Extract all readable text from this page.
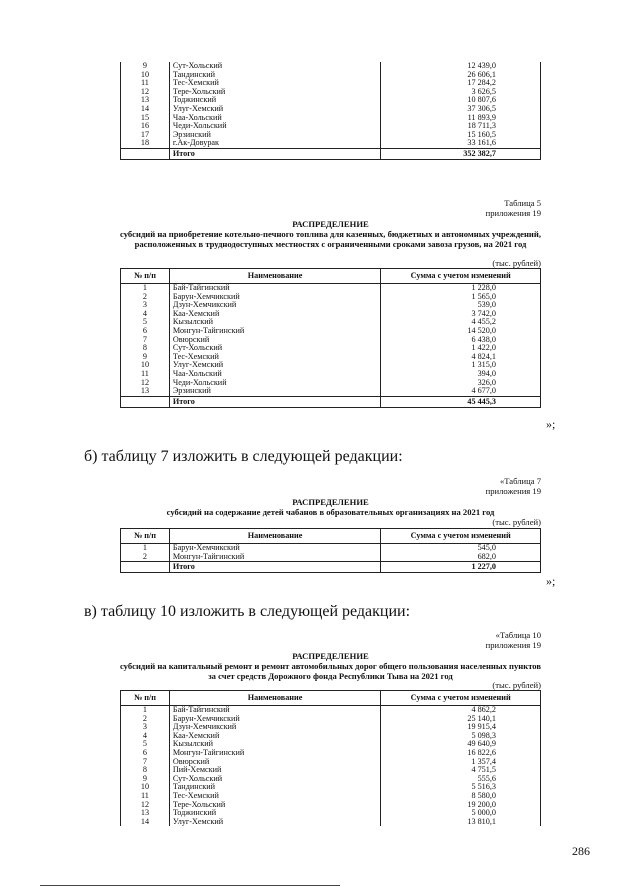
9	Сут-Хольский	12 439,0
10	Тандинский	26 606,1
11	Тес-Хемский	17 284,2
12	Тере-Хольский	3 626,5
13	Тоджинский	10 807,6
14	Улуг-Хемский	37 306,5
15	Чаа-Хольский	11 893,9
16	Чеди-Хольский	18 711,3
17	Эрзинский	15 160,5
18	г.Ак-Довурак	33 161,6
	Итого	352 382,7
Таблица 5
приложения 19
РАСПРЕДЕЛЕНИЕ
субсидий на приобретение котельно-печного топлива для казенных, бюджетных и автономных учреждений, расположенных в труднодоступных местностях с ограниченными сроками завоза грузов, на 2021 год
(тыс. рублей)
№ п/п	Наименование	Сумма с учетом изменений
1	Бай-Тайгинский	1 228,0
2	Барун-Хемчикский	1 565,0
3	Дзун-Хемчикский	539,0
4	Каа-Хемский	3 742,0
5	Кызылский	4 455,2
6	Монгун-Тайгинский	14 520,0
7	Овюрский	6 438,0
8	Сут-Хольский	1 422,0
9	Тес-Хемский	4 824,1
10	Улуг-Хемский	1 315,0
11	Чаа-Хольский	394,0
12	Чеди-Хольский	326,0
13	Эрзинский	4 677,0
	Итого	45 445,3
»;
б) таблицу 7 изложить в следующей редакции:
«Таблица 7
приложения 19
РАСПРЕДЕЛЕНИЕ
субсидий на содержание детей чабанов в образовательных организациях на 2021 год
(тыс. рублей)
№ п/п	Наименование	Сумма с учетом изменений
1	Барун-Хемчикский	545,0
2	Монгун-Тайгинский	682,0
	Итого	1 227,0
»;
в) таблицу 10 изложить в следующей редакции:
«Таблица 10
приложения 19
РАСПРЕДЕЛЕНИЕ
субсидий на капитальный ремонт и ремонт автомобильных дорог общего пользования населенных пунктов за счет средств Дорожного фонда Республики Тыва на 2021 год
(тыс. рублей)
№ п/п	Наименование	Сумма с учетом изменений
1	Бай-Тайгинский	4 862,2
2	Барун-Хемчикский	25 140,1
3	Дзун-Хемчикский	19 915,4
4	Каа-Хемский	5 098,3
5	Кызылский	49 640,9
6	Монгун-Тайгинский	16 822,6
7	Овюрский	1 357,4
8	Пий-Хемский	4 751,5
9	Сут-Хольский	555,6
10	Тандинский	5 516,3
11	Тес-Хемский	8 580,0
12	Тере-Хольский	19 200,0
13	Тоджинский	5 000,0
14	Улуг-Хемский	13 810,1
286
